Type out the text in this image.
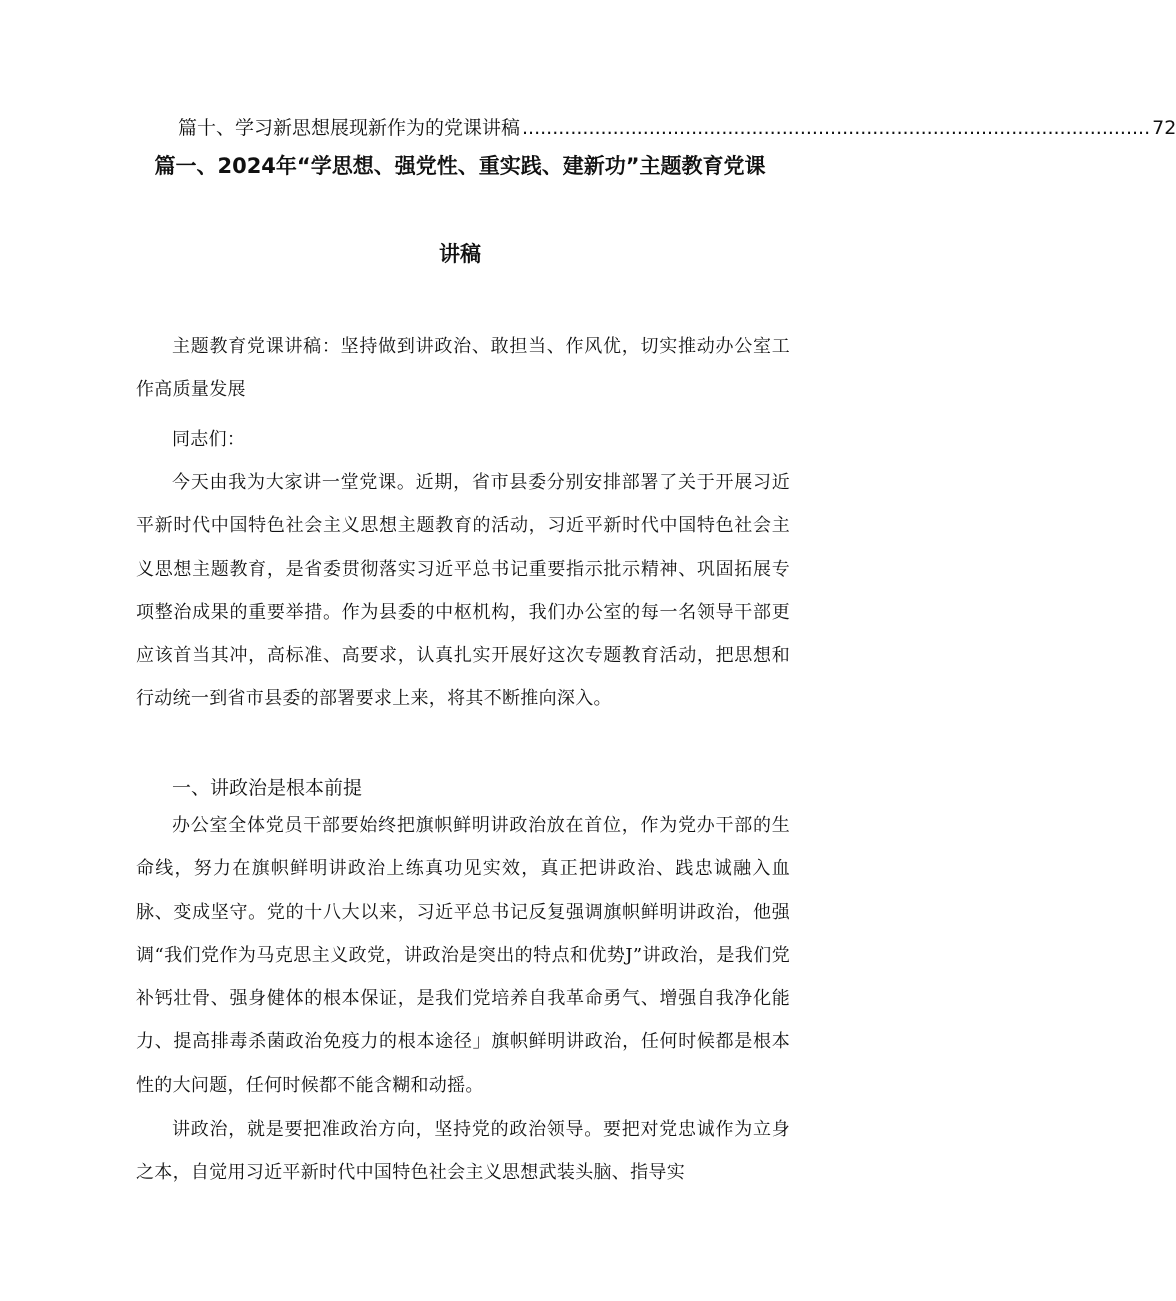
篇十、学习新思想展现新作为的党课讲稿 ........................................................................................................ 72
篇一、2024年“学思想、强党性、重实践、建新功”主题教育党课
讲稿

主题教育党课讲稿：坚持做到讲政治、敢担当、作风优，切实推动办公室工作高质量发展

同志们：

今天由我为大家讲一堂党课。近期，省市县委分别安排部署了关于开展习近平新时代中国特色社会主义思想主题教育的活动，习近平新时代中国特色社会主义思想主题教育，是省委贯彻落实习近平总书记重要指示批示精神、巩固拓展专项整治成果的重要举措。作为县委的中枢机构，我们办公室的每一名领导干部更应该首当其冲，高标准、高要求，认真扎实开展好这次专题教育活动，把思想和行动统一到省市县委的部署要求上来，将其不断推向深入。

一、讲政治是根本前提

办公室全体党员干部要始终把旗帜鲜明讲政治放在首位，作为党办干部的生命线，努力在旗帜鲜明讲政治上练真功见实效，真正把讲政治、践忠诚融入血脉、变成坚守。党的十八大以来，习近平总书记反复强调旗帜鲜明讲政治，他强调“我们党作为马克思主义政党，讲政治是突出的特点和优势J”讲政治，是我们党补钙壮骨、强身健体的根本保证，是我们党培养自我革命勇气、增强自我净化能力、提高排毒杀菌政治免疫力的根本途径」旗帜鲜明讲政治，任何时候都是根本性的大问题，任何时候都不能含糊和动摇。

讲政治，就是要把准政治方向，坚持党的政治领导。要把对党忠诚作为立身之本，自觉用习近平新时代中国特色社会主义思想武装头脑、指导实
